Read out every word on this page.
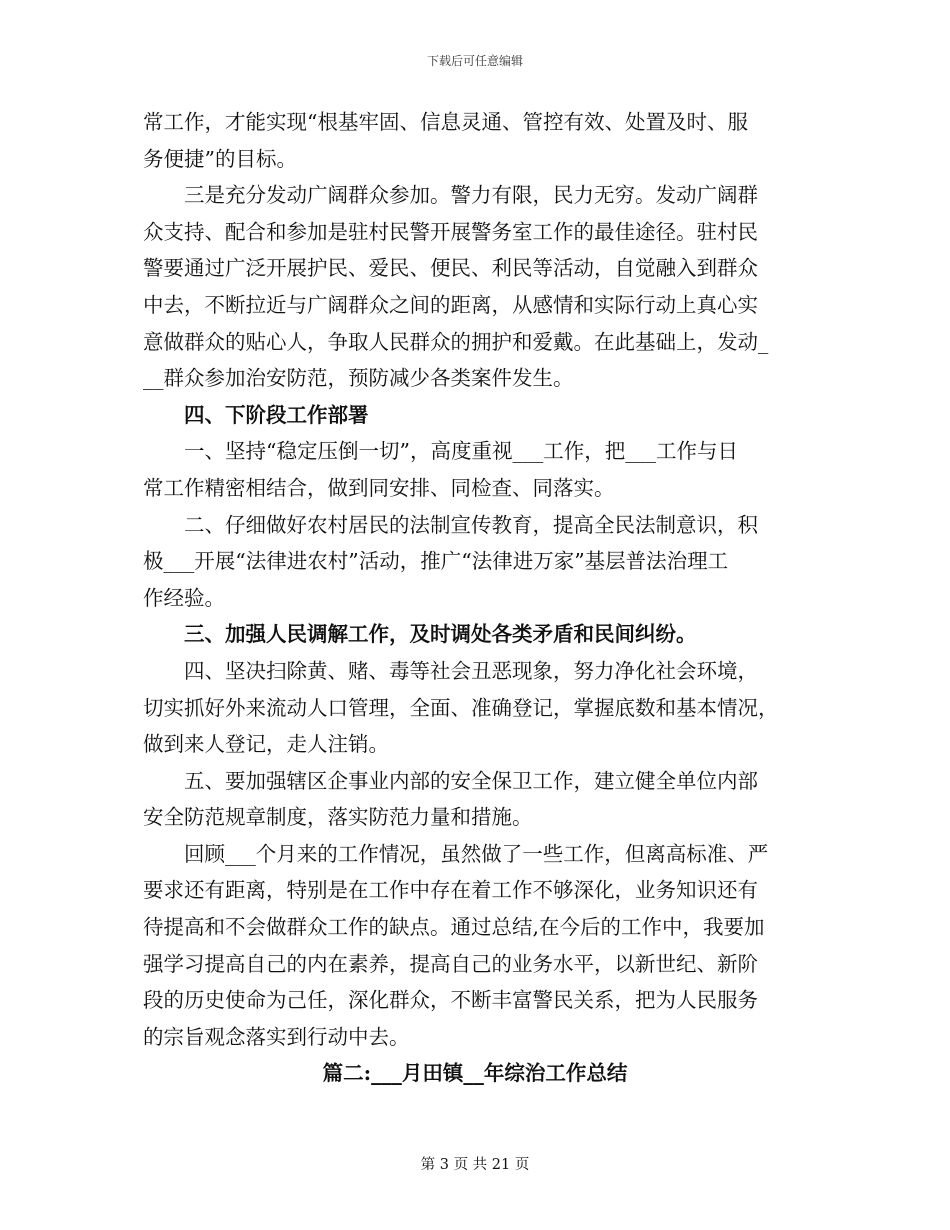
下载后可任意编辑
常工作，才能实现“根基牢固、信息灵通、管控有效、处置及时、服
务便捷”的目标。
三是充分发动广阔群众参加。警力有限，民力无穷。发动广阔群
众支持、配合和参加是驻村民警开展警务室工作的最佳途径。驻村民
警要通过广泛开展护民、爱民、便民、利民等活动，自觉融入到群众
中去，不断拉近与广阔群众之间的距离，从感情和实际行动上真心实
意做群众的贴心人，争取人民群众的拥护和爱戴。在此基础上，发动_
__群众参加治安防范，预防减少各类案件发生。
四、下阶段工作部署
一、坚持“稳定压倒一切”，高度重视___工作，把___工作与日
常工作精密相结合，做到同安排、同检查、同落实。
二、仔细做好农村居民的法制宣传教育，提高全民法制意识，积
极___开展“法律进农村”活动，推广“法律进万家”基层普法治理工
作经验。
三、加强人民调解工作，及时调处各类矛盾和民间纠纷。
四、坚决扫除黄、赌、毒等社会丑恶现象，努力净化社会环境，
切实抓好外来流动人口管理，全面、准确登记，掌握底数和基本情况，
做到来人登记，走人注销。
五、要加强辖区企事业内部的安全保卫工作，建立健全单位内部
安全防范规章制度，落实防范力量和措施。
回顾___个月来的工作情况，虽然做了一些工作，但离高标准、严
要求还有距离，特别是在工作中存在着工作不够深化，业务知识还有
待提高和不会做群众工作的缺点。通过总结,在今后的工作中，我要加
强学习提高自己的内在素养，提高自己的业务水平，以新世纪、新阶
段的历史使命为己任，深化群众，不断丰富警民关系，把为人民服务
的宗旨观念落实到行动中去。
篇二:___月田镇__年综治工作总结
第 3 页 共 21 页
